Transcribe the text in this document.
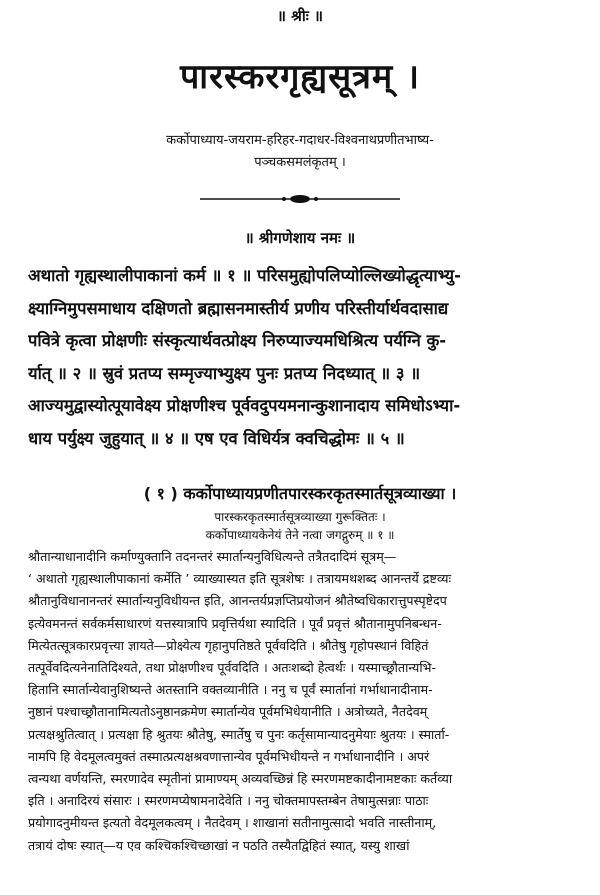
॥ श्रीः ॥
पारस्करगृह्यसूत्रम् ।
कर्कोपाध्याय-जयराम-हरिहर-गदाधर-विश्वनाथप्रणीतभाष्य-
पञ्चकसमलंकृतम् ।
॥ श्रीगणेशाय नमः ॥

अथातो गृह्यस्थालीपाकानां कर्म ॥ १ ॥ परिसमुह्योपलिप्योल्लिख्योद्धृत्याभ्यु-

क्ष्याग्निमुपसमाधाय दक्षिणतो ब्रह्मासनमास्तीर्य प्रणीय परिस्तीर्यार्थवदासाद्य

पवित्रे कृत्वा प्रोक्षणीः संस्कृत्यार्थवत्प्रोक्ष्य निरुप्याज्यमधिश्रित्य पर्यग्नि कु-

र्यात् ॥ २ ॥ स्रुवं प्रतप्य सम्मृज्याभ्युक्ष्य पुनः प्रतप्य निदध्यात् ॥ ३ ॥

आज्यमुद्वास्योत्पूयावेक्ष्य प्रोक्षणीश्च पूर्ववदुपयमनान्कुशानादाय समिधोऽभ्या-

धाय पर्युक्ष्य जुहुयात् ॥ ४ ॥ एष एव विधिर्यत्र क्वचिद्धोमः ॥ ५ ॥

( १ ) कर्कोपाध्यायप्रणीतपारस्करकृतस्मार्तसूत्रव्याख्या ।

पारस्करकृतस्मार्तसूत्रव्याख्या गुरूक्तितः ।

कर्कोपाध्यायकेनेयं तेने नत्वा जगद्गुरुम् ॥ १ ॥

श्रौतान्याधानादीनि कर्माण्युक्तानि तदनन्तरं स्मार्तान्यनुविधित्यन्ते तत्रैतदादिमं सूत्रम्—

‘ अथातो गृह्यस्थालीपाकानां कर्मेति ’ व्याख्यास्यत इति सूत्रशेषः । तत्रायमथशब्द आनन्तर्ये द्रष्टव्यः

श्रौतानुविधानानन्तरं स्मार्तान्यनुविधीयन्त इति, आनन्तर्यप्रज्ञप्तिप्रयोजनं श्रौतेष्वधिकारात्तुपस्पृष्टेदप

इत्येवमनन्तं सर्वकर्मसाधारणं यत्तस्यात्रापि प्रवृत्तिर्यथा स्यादिति । पूर्वं प्रवृत्तं श्रौतानामुपनिबन्धन-

मित्येतत्सूत्रकारप्रवृत्त्या ज्ञायते—प्रोक्ष्येत्य गृहानुपतिष्ठते पूर्ववदिति । श्रौतेषु गृहोपस्थानं विहितं

तत्पूर्वेवदित्यनेनातिदिश्यते, तथा प्रोक्षणीश्च पूर्ववदिति । अतःशब्दो हेत्वर्थः । यस्माच्छ्रौतान्यभि-

हितानि स्मार्तान्येवानुशिष्यन्ते अतस्तानि वक्तव्यानीति । ननु च पूर्वं स्मार्तानां गर्भाधानादीनाम-

नुष्ठानं पश्चाच्छ्रौतानामित्यतोऽनुष्ठानक्रमेण स्मार्तान्येव पूर्वमभिधेयानीति । अत्रोच्यते, नैतदेवम्

प्रत्यक्षश्रुतित्वात् । प्रत्यक्षा हि श्रुतयः श्रौतेषु, स्मार्तेषु च पुनः कर्तृसामान्यादनुमेयाः श्रुतयः । स्मार्ता-

नामपि हि वेदमूलत्वमुक्तं तस्मात्प्रत्यक्षश्रवणात्तान्येव पूर्वमभिधीयन्ते न गर्भाधानादीनि । अपरं

त्वन्यथा वर्णयन्ति, स्मरणादेव स्मृतीनां प्रामाण्यम् अव्यवच्छिन्नं हि स्मरणमष्टकादीनामष्टकाः कर्तव्या

इति । अनादिरयं संसारः । स्मरणमप्येषामनादेवेति । ननु चोक्तमापस्तम्बेन तेषामुत्सन्नाः पाठाः

प्रयोगादनुमीयन्त इत्यतो वेदमूलकत्वम् । नैतदेवम् । शाखानां सतीनामुत्सादो भवति नास्तीनाम्,

तत्रायं दोषः स्यात्—य एव कश्चिकश्चिच्छाखां न पठति तस्यैतद्विहितं स्यात्, यस्यु शाखां
